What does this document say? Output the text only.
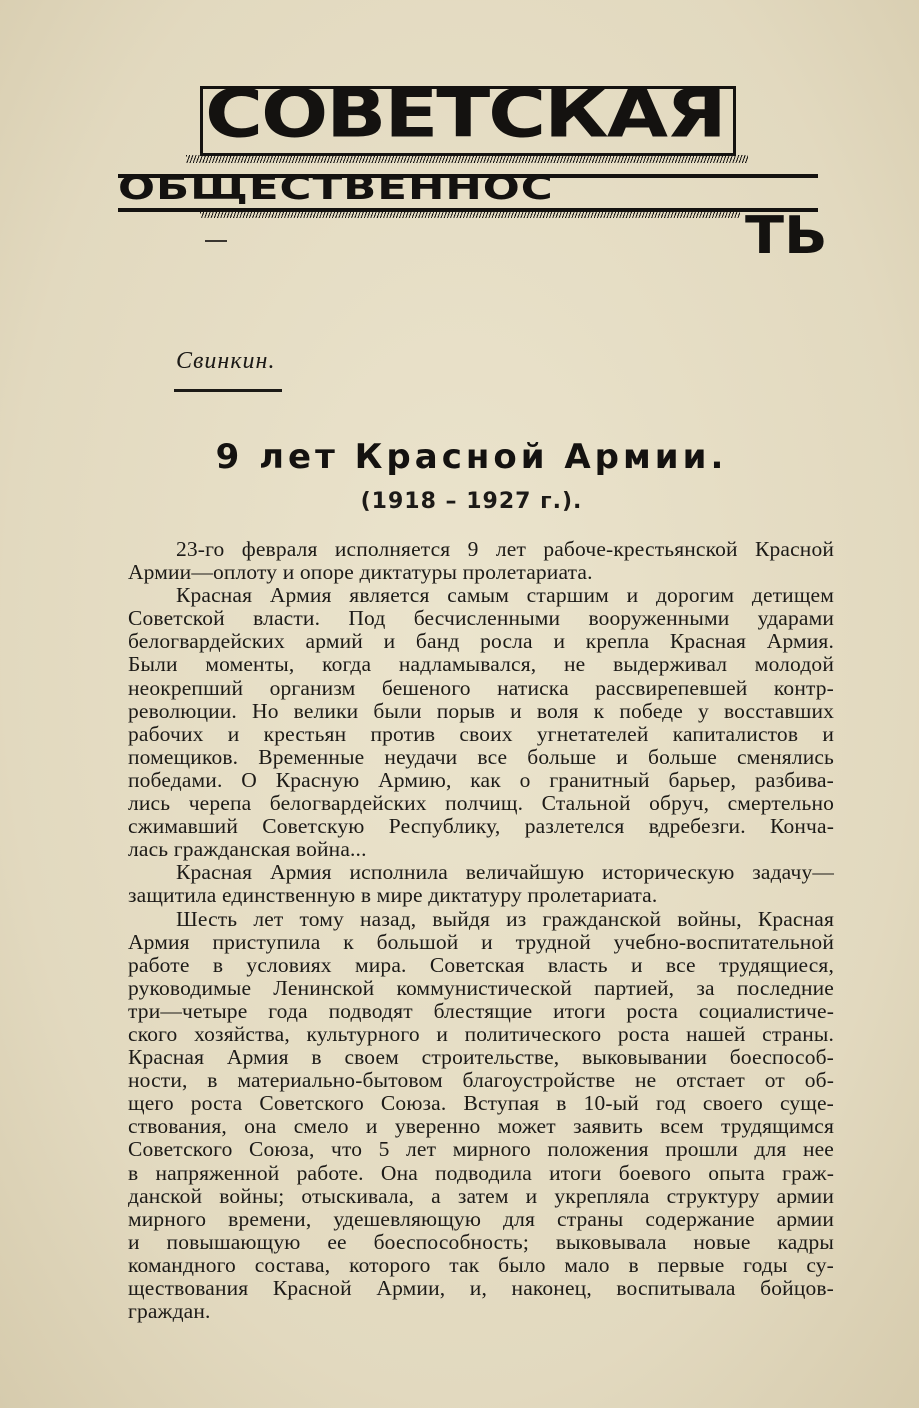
СОВЕТСКАЯ
ОБЩЕСТВЕННОС
ТЬ
Свинкин.
9 лет Красной Армии.
(1918 – 1927 г.).
23-го февраля исполняется 9 лет рабоче-крестьянской Красной
Армии—оплоту и опоре диктатуры пролетариата.
Красная Армия является самым старшим и дорогим детищем
Советской власти. Под бесчисленными вооруженными ударами
белогвардейских армий и банд росла и крепла Красная Армия.
Были моменты, когда надламывался, не выдерживал молодой
неокрепший организм бешеного натиска рассвирепевшей контр-
революции. Но велики были порыв и воля к победе у восставших
рабочих и крестьян против своих угнетателей капиталистов и
помещиков. Временные неудачи все больше и больше сменялись
победами. О Красную Армию, как о гранитный барьер, разбива-
лись черепа белогвардейских полчищ. Стальной обруч, смертельно
сжимавший Советскую Республику, разлетелся вдребезги. Конча-
лась гражданская война...
Красная Армия исполнила величайшую историческую задачу—
защитила единственную в мире диктатуру пролетариата.
Шесть лет тому назад, выйдя из гражданской войны, Красная
Армия приступила к большой и трудной учебно-воспитательной
работе в условиях мира. Советская власть и все трудящиеся,
руководимые Ленинской коммунистической партией, за последние
три—четыре года подводят блестящие итоги роста социалистиче-
ского хозяйства, культурного и политического роста нашей страны.
Красная Армия в своем строительстве, выковывании боеспособ-
ности, в материально-бытовом благоустройстве не отстает от об-
щего роста Советского Союза. Вступая в 10-ый год своего суще-
ствования, она смело и уверенно может заявить всем трудящимся
Советского Союза, что 5 лет мирного положения прошли для нее
в напряженной работе. Она подводила итоги боевого опыта граж-
данской войны; отыскивала, а затем и укрепляла структуру армии
мирного времени, удешевляющую для страны содержание армии
и повышающую ее боеспособность; выковывала новые кадры
командного состава, которого так было мало в первые годы су-
ществования Красной Армии, и, наконец, воспитывала бойцов-
граждан.
